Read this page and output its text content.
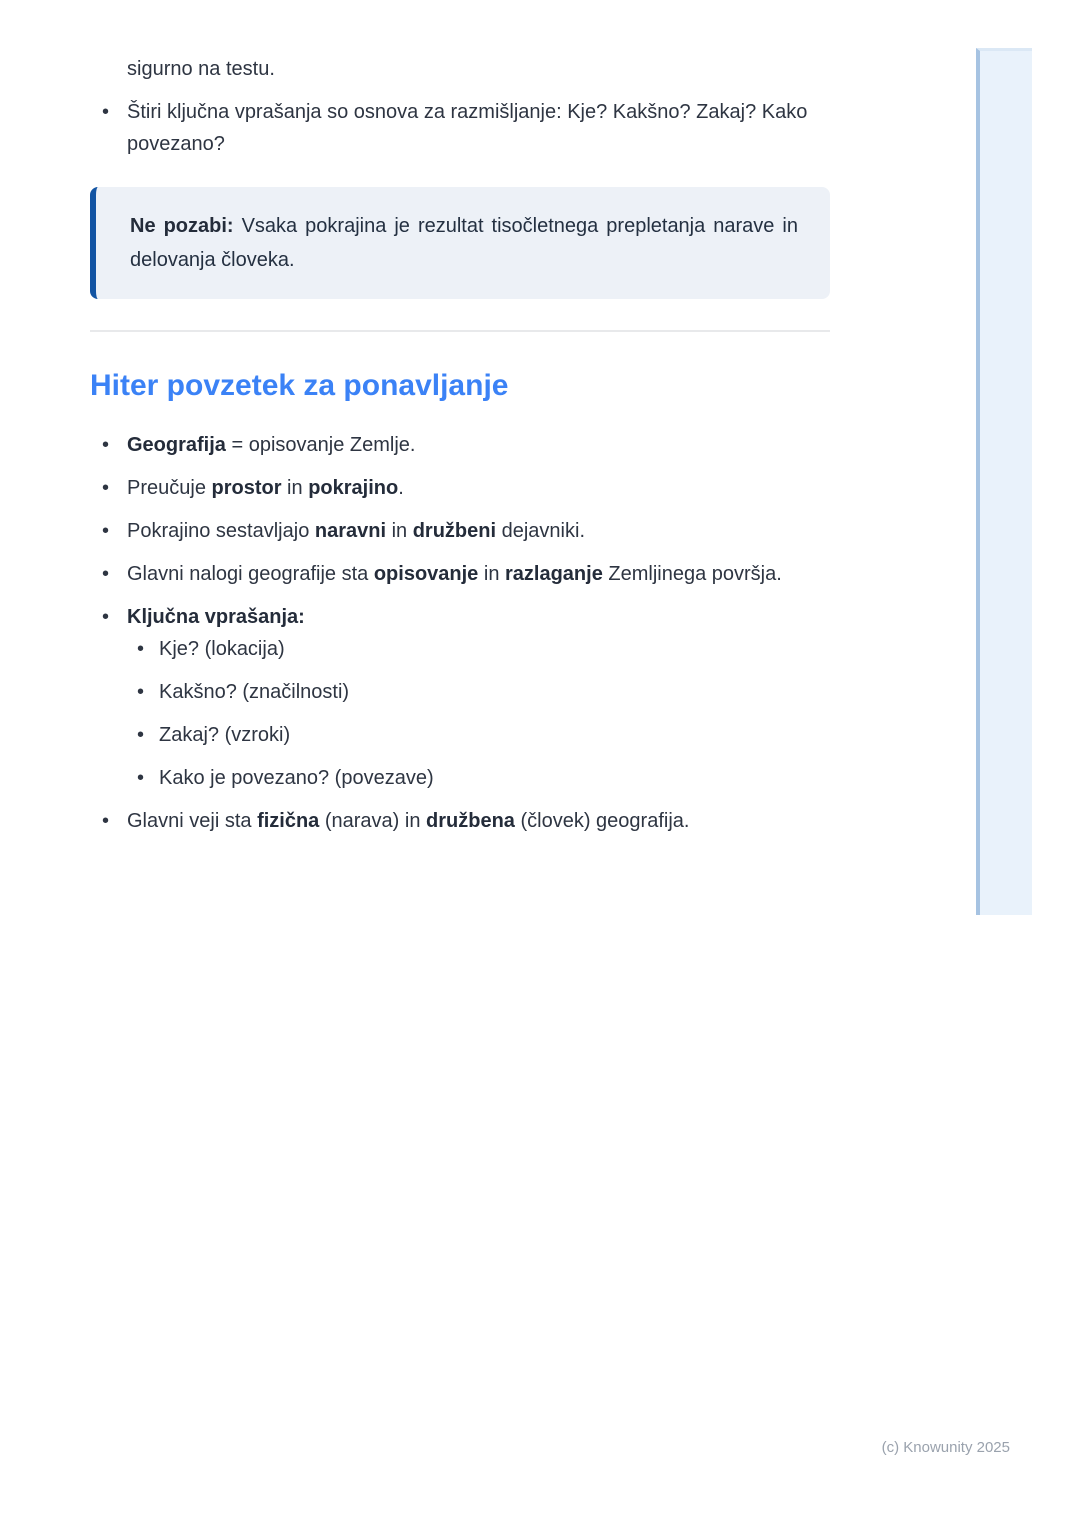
sigurno na testu.

• Štiri ključna vprašanja so osnova za razmišljanje: Kje? Kakšno? Zakaj? Kako povezano?

Ne pozabi: Vsaka pokrajina je rezultat tisočletnega prepletanja narave in delovanja človeka.

Hiter povzetek za ponavljanje
• Geografija = opisovanje Zemlje.
• Preučuje prostor in pokrajino.
• Pokrajino sestavljajo naravni in družbeni dejavniki.
• Glavni nalogi geografije sta opisovanje in razlaganje Zemljinega površja.
• Ključna vprašanja:
• Kje? (lokacija)
• Kakšno? (značilnosti)
• Zakaj? (vzroki)
• Kako je povezano? (povezave)
• Glavni veji sta fizična (narava) in družbena (človek) geografija.
(c) Knowunity 2025
